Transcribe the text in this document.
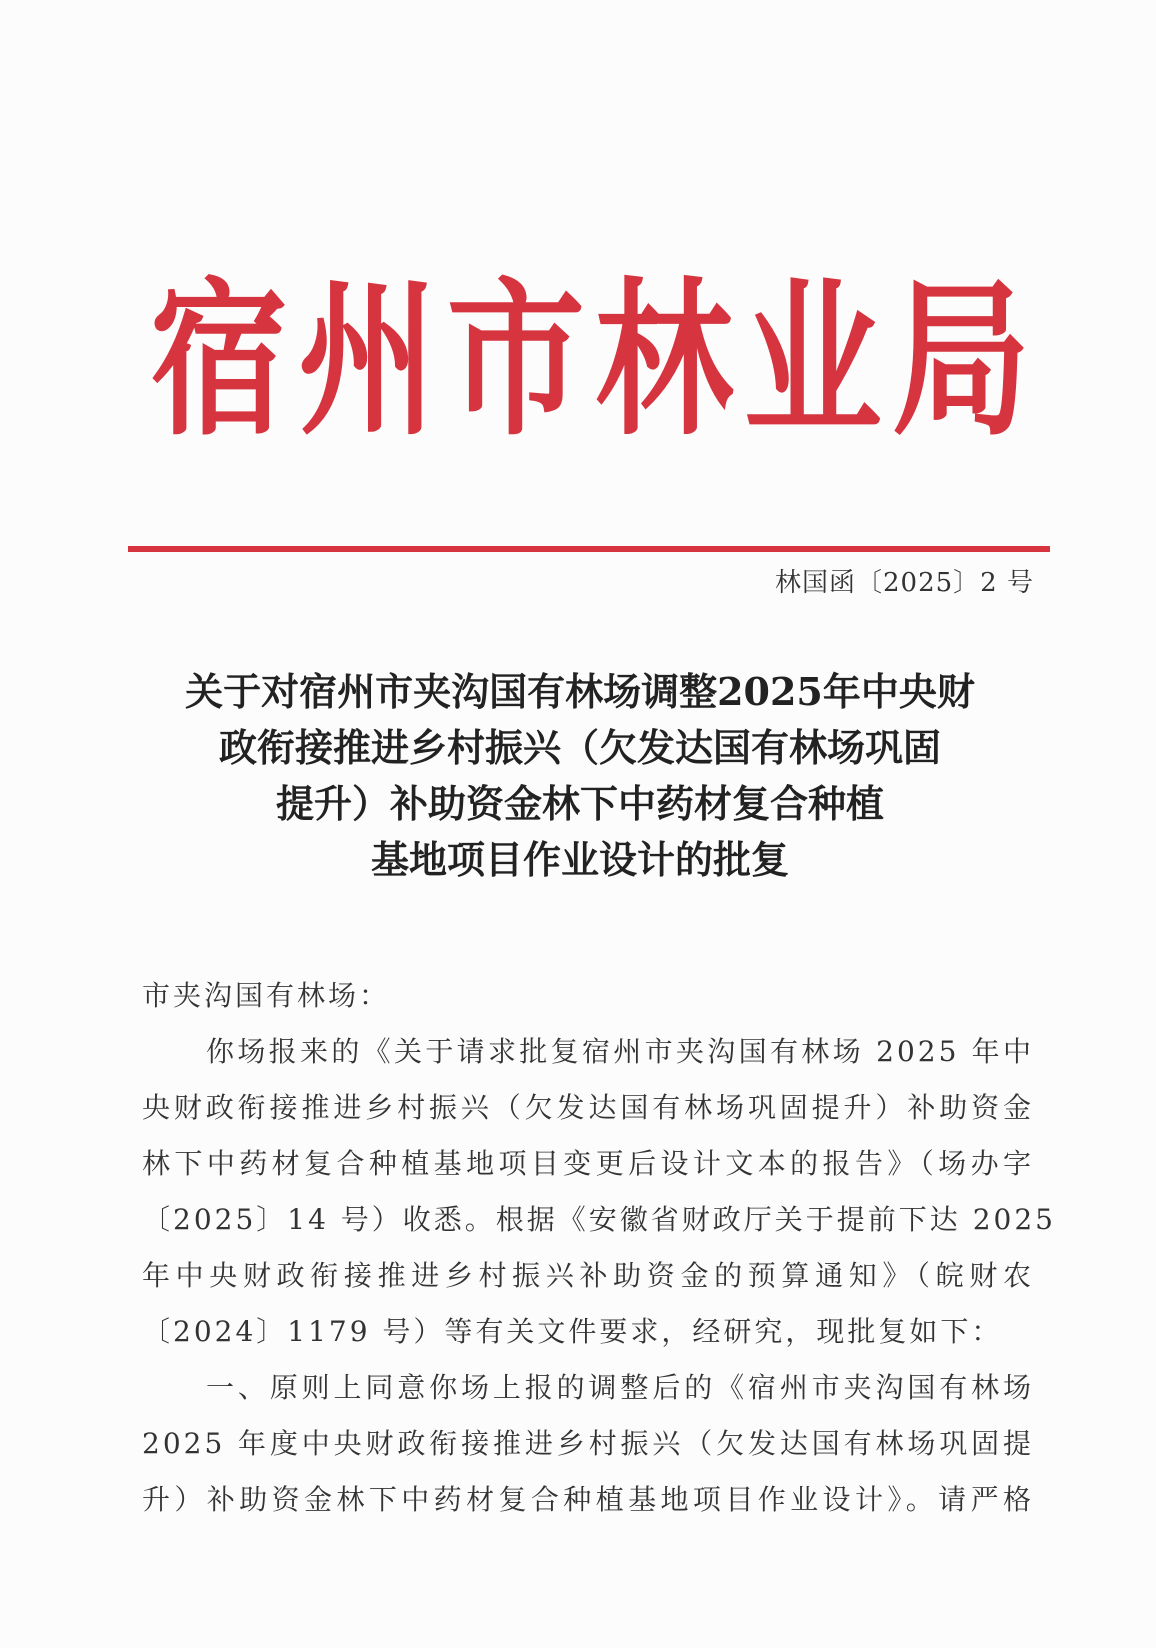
宿 州 市 林 业 局
林国函〔2025〕2 号
关于对宿州市夹沟国有林场调整2025年中央财
政衔接推进乡村振兴（欠发达国有林场巩固
提升）补助资金林下中药材复合种植
基地项目作业设计的批复
市夹沟国有林场：
你场报来的《关于请求批复宿州市夹沟国有林场 2025 年中
央财政衔接推进乡村振兴（欠发达国有林场巩固提升）补助资金
林下中药材复合种植基地项目变更后设计文本的报告》（场办字
〔2025〕14 号）收悉。根据《安徽省财政厅关于提前下达 2025
年中央财政衔接推进乡村振兴补助资金的预算通知》（皖财农
〔2024〕1179 号）等有关文件要求，经研究，现批复如下：
一、原则上同意你场上报的调整后的《宿州市夹沟国有林场
2025 年度中央财政衔接推进乡村振兴（欠发达国有林场巩固提
升）补助资金林下中药材复合种植基地项目作业设计》。请严格
